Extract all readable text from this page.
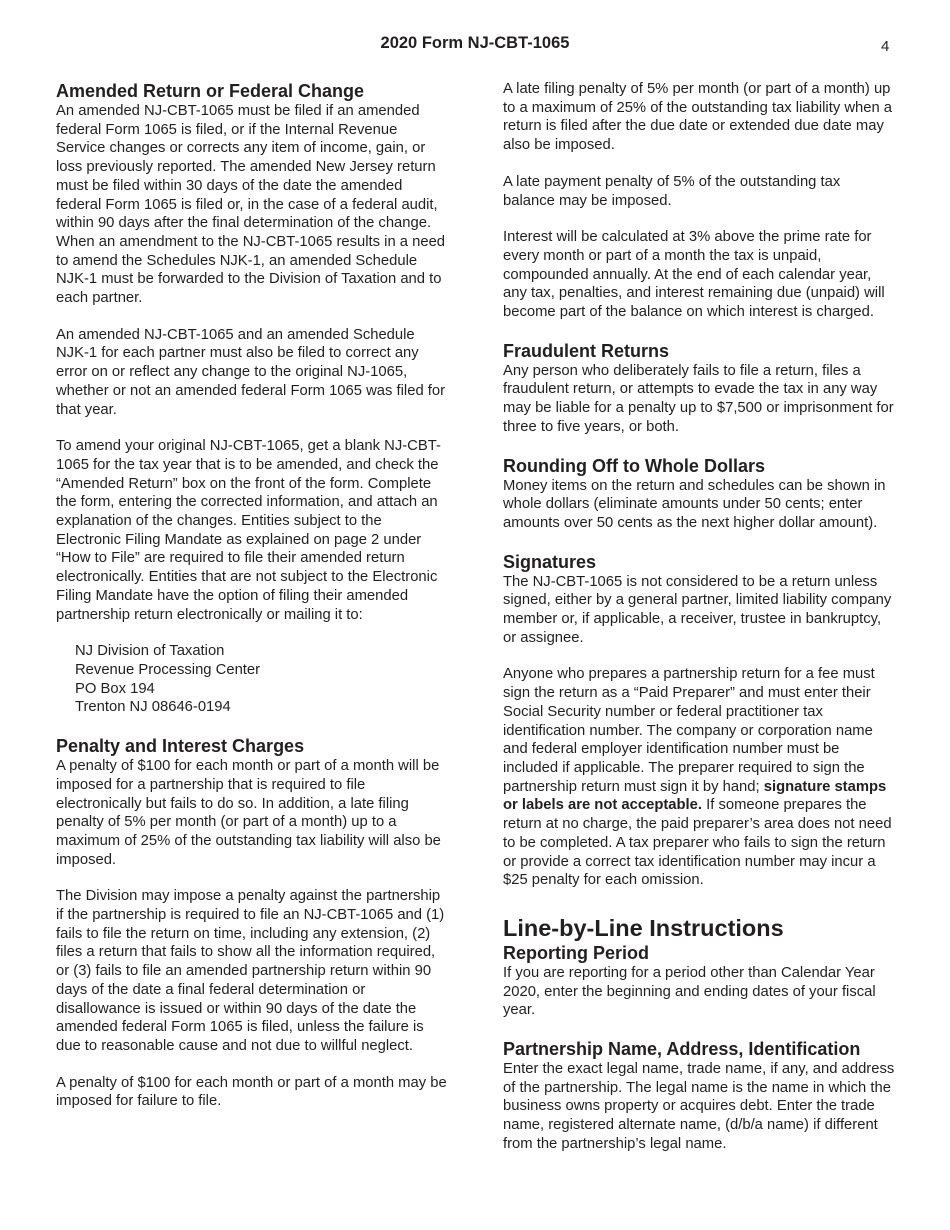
2020 Form NJ-CBT-1065	4
Amended Return or Federal Change

An amended NJ-CBT-1065 must be filed if an amended federal Form 1065 is filed, or if the Internal Revenue Service changes or corrects any item of income, gain, or loss previously reported. The amended New Jersey return must be filed within 30 days of the date the amended federal Form 1065 is filed or, in the case of a federal audit, within 90 days after the final determination of the change. When an amendment to the NJ-CBT-1065 results in a need to amend the Schedules NJK-1, an amended Schedule NJK-1 must be forwarded to the Division of Taxation and to each partner.

An amended NJ-CBT-1065 and an amended Schedule NJK-1 for each partner must also be filed to correct any error on or reflect any change to the original NJ-1065, whether or not an amended federal Form 1065 was filed for that year.

To amend your original NJ-CBT-1065, get a blank NJ-CBT-1065 for the tax year that is to be amended, and check the “Amended Return” box on the front of the form. Complete the form, entering the corrected information, and attach an explanation of the changes. Entities subject to the Electronic Filing Mandate as explained on page 2 under “How to File” are required to file their amended return electronically. Entities that are not subject to the Electronic Filing Mandate have the option of filing their amended partnership return electronically or mailing it to:

NJ Division of Taxation
Revenue Processing Center
PO Box 194
Trenton NJ 08646-0194
Penalty and Interest Charges

A penalty of $100 for each month or part of a month will be imposed for a partnership that is required to file electronically but fails to do so. In addition, a late filing penalty of 5% per month (or part of a month) up to a maximum of 25% of the outstanding tax liability will also be imposed.

The Division may impose a penalty against the partnership if the partnership is required to file an NJ-CBT-1065 and (1) fails to file the return on time, including any extension, (2) files a return that fails to show all the information required, or (3) fails to file an amended partnership return within 90 days of the date a final federal determination or disallowance is issued or within 90 days of the date the amended federal Form 1065 is filed, unless the failure is due to reasonable cause and not due to willful neglect.

A penalty of $100 for each month or part of a month may be imposed for failure to file.

A late filing penalty of 5% per month (or part of a month) up to a maximum of 25% of the outstanding tax liability when a return is filed after the due date or extended due date may also be imposed.

A late payment penalty of 5% of the outstanding tax balance may be imposed.

Interest will be calculated at 3% above the prime rate for every month or part of a month the tax is unpaid, compounded annually. At the end of each calendar year, any tax, penalties, and interest remaining due (unpaid) will become part of the balance on which interest is charged.

Fraudulent Returns

Any person who deliberately fails to file a return, files a fraudulent return, or attempts to evade the tax in any way may be liable for a penalty up to $7,500 or imprisonment for three to five years, or both.

Rounding Off to Whole Dollars

Money items on the return and schedules can be shown in whole dollars (eliminate amounts under 50 cents; enter amounts over 50 cents as the next higher dollar amount).

Signatures

The NJ-CBT-1065 is not considered to be a return unless signed, either by a general partner, limited liability company member or, if applicable, a receiver, trustee in bankruptcy, or assignee.

Anyone who prepares a partnership return for a fee must sign the return as a “Paid Preparer” and must enter their Social Security number or federal practitioner tax identification number. The company or corporation name and federal employer identification number must be included if applicable. The preparer required to sign the partnership return must sign it by hand; signature stamps or labels are not acceptable. If someone prepares the return at no charge, the paid preparer’s area does not need to be completed. A tax preparer who fails to sign the return or provide a correct tax identification number may incur a $25 penalty for each omission.

Line-by-Line Instructions
Reporting Period

If you are reporting for a period other than Calendar Year 2020, enter the beginning and ending dates of your fiscal year.

Partnership Name, Address, Identification

Enter the exact legal name, trade name, if any, and address of the partnership. The legal name is the name in which the business owns property or acquires debt. Enter the trade name, registered alternate name, (d/b/a name) if different from the partnership’s legal name.
